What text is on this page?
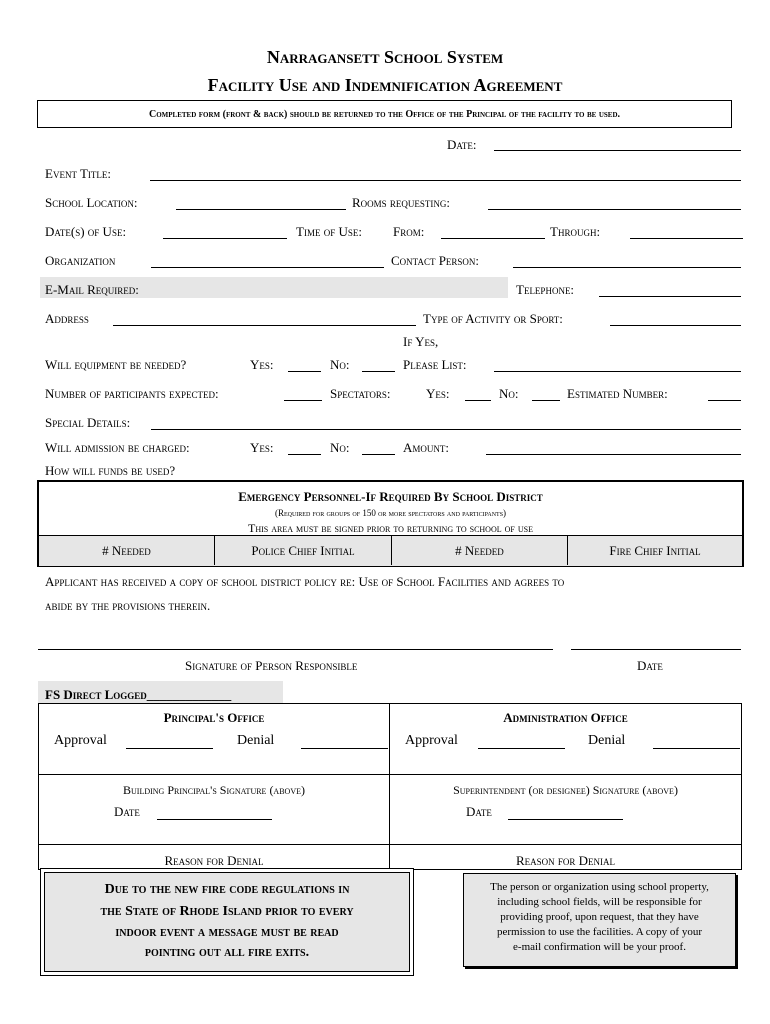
Narragansett School System
Facility Use and Indemnification Agreement
Completed form (front & back) should be returned to the Office of the Principal of the facility to be used.
Date:
Event Title:
School Location:	Rooms requesting:
Date(s) of Use:	Time of Use: From:	Through:
Organization	Contact Person:
E-Mail Required:	Telephone:
Address	Type of Activity or Sport:
If Yes,
Will equipment be needed?	Yes:	No:	Please List:
Number of participants expected:	Spectators:	Yes:	No:	Estimated Number:
Special Details:
Will admission be charged:	Yes:	No:	Amount:
How will funds be used?
Emergency Personnel-If Required By School District
(Required for groups of 150 or more spectators and participants)
This area must be signed prior to returning to school of use
# Needed	Police Chief Initial	# Needed	Fire Chief Initial
Applicant has received a copy of school district policy re: Use of School Facilities and agrees to
abide by the provisions therein.
Signature of Person Responsible	Date
FS Direct Logged_____________
Principal's Office	Administration Office
Approval	Denial	Approval	Denial
Building Principal's Signature (above)	Superintendent (or designee) Signature (above)
Date	Date
Reason for Denial	Reason for Denial
Due to the new fire code regulations in
the State of Rhode Island prior to every
indoor event a message must be read
pointing out all fire exits.
The person or organization using school property,
including school fields, will be responsible for
providing proof, upon request, that they have
permission to use the facilities. A copy of your
e-mail confirmation will be your proof.
